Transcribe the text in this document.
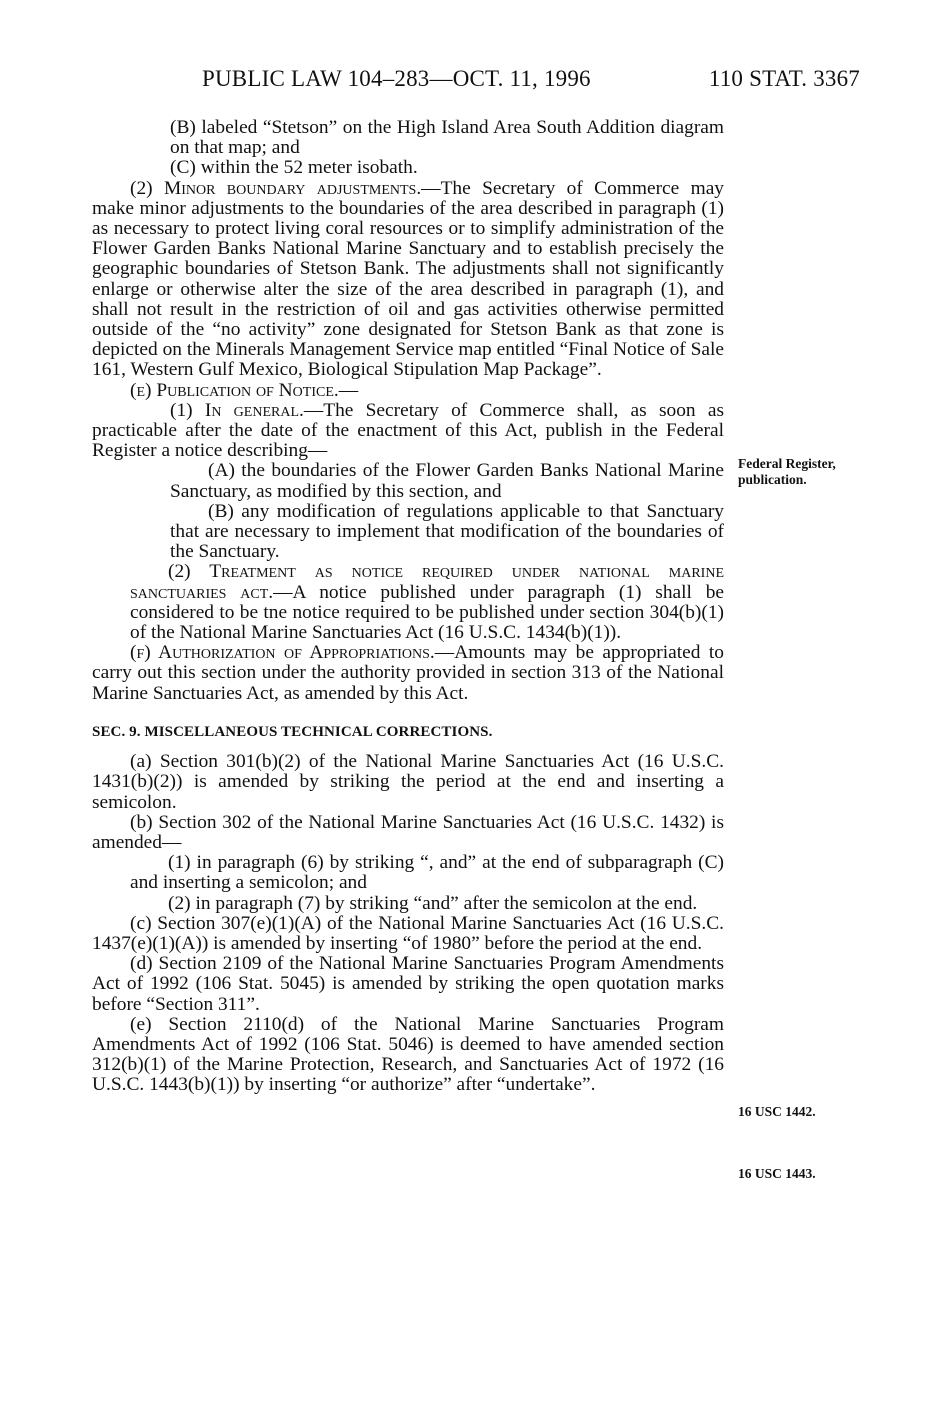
PUBLIC LAW 104–283—OCT. 11, 1996	110 STAT. 3367

(B) labeled “Stetson” on the High Island Area South Addition diagram on that map; and

(C) within the 52 meter isobath.

(2) Minor boundary adjustments.—The Secretary of Commerce may make minor adjustments to the boundaries of the area described in paragraph (1) as necessary to protect living coral resources or to simplify administration of the Flower Garden Banks National Marine Sanctuary and to establish precisely the geographic boundaries of Stetson Bank. The adjustments shall not significantly enlarge or otherwise alter the size of the area described in paragraph (1), and shall not result in the restriction of oil and gas activities otherwise permitted outside of the “no activity” zone designated for Stetson Bank as that zone is depicted on the Minerals Management Service map entitled “Final Notice of Sale 161, Western Gulf Mexico, Biological Stipulation Map Package”.

(e) Publication of Notice.—

(1) In general.—The Secretary of Commerce shall, as soon as practicable after the date of the enactment of this Act, publish in the Federal Register a notice describing—

(A) the boundaries of the Flower Garden Banks National Marine Sanctuary, as modified by this section, and

(B) any modification of regulations applicable to that Sanctuary that are necessary to implement that modification of the boundaries of the Sanctuary.

(2) Treatment as notice required under national marine sanctuaries act.—A notice published under paragraph (1) shall be considered to be tne notice required to be published under section 304(b)(1) of the National Marine Sanctuaries Act (16 U.S.C. 1434(b)(1)).

(f) Authorization of Appropriations.—Amounts may be appropriated to carry out this section under the authority provided in section 313 of the National Marine Sanctuaries Act, as amended by this Act.

SEC. 9. MISCELLANEOUS TECHNICAL CORRECTIONS.

(a) Section 301(b)(2) of the National Marine Sanctuaries Act (16 U.S.C. 1431(b)(2)) is amended by striking the period at the end and inserting a semicolon.

(b) Section 302 of the National Marine Sanctuaries Act (16 U.S.C. 1432) is amended—

(1) in paragraph (6) by striking “, and” at the end of subparagraph (C) and inserting a semicolon; and

(2) in paragraph (7) by striking “and” after the semicolon at the end.

(c) Section 307(e)(1)(A) of the National Marine Sanctuaries Act (16 U.S.C. 1437(e)(1)(A)) is amended by inserting “of 1980” before the period at the end.

(d) Section 2109 of the National Marine Sanctuaries Program Amendments Act of 1992 (106 Stat. 5045) is amended by striking the open quotation marks before “Section 311”.

(e) Section 2110(d) of the National Marine Sanctuaries Program Amendments Act of 1992 (106 Stat. 5046) is deemed to have amended section 312(b)(1) of the Marine Protection, Research, and Sanctuaries Act of 1972 (16 U.S.C. 1443(b)(1)) by inserting “or authorize” after “undertake”.

Federal Register, publication.
16 USC 1442.
16 USC 1443.
